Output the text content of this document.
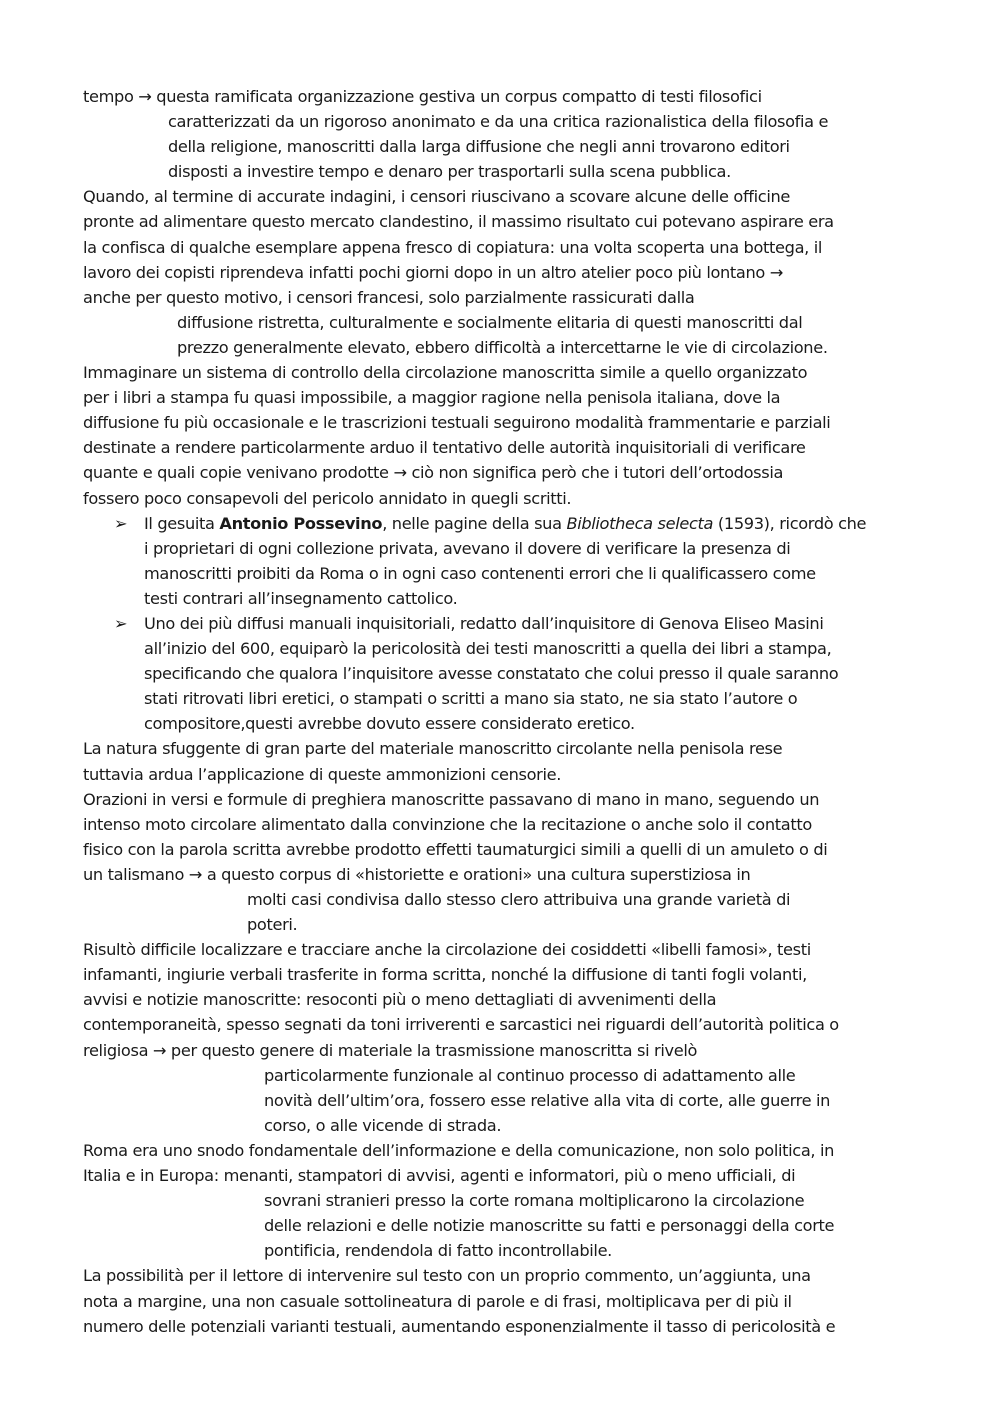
tempo → questa ramificata organizzazione gestiva un corpus compatto di testi filosofici
caratterizzati da un rigoroso anonimato e da una critica razionalistica della filosofia e
della religione, manoscritti dalla larga diffusione che negli anni trovarono editori
disposti a investire tempo e denaro per trasportarli sulla scena pubblica.
Quando, al termine di accurate indagini, i censori riuscivano a scovare alcune delle officine
pronte ad alimentare questo mercato clandestino, il massimo risultato cui potevano aspirare era
la confisca di qualche esemplare appena fresco di copiatura: una volta scoperta una bottega, il
lavoro dei copisti riprendeva infatti pochi giorni dopo in un altro atelier poco più lontano →
anche per questo motivo, i censori francesi, solo parzialmente rassicurati dalla
diffusione ristretta, culturalmente e socialmente elitaria di questi manoscritti dal
prezzo generalmente elevato, ebbero difficoltà a intercettarne le vie di circolazione.
Immaginare un sistema di controllo della circolazione manoscritta simile a quello organizzato
per i libri a stampa fu quasi impossibile, a maggior ragione nella penisola italiana, dove la
diffusione fu più occasionale e le trascrizioni testuali seguirono modalità frammentarie e parziali
destinate a rendere particolarmente arduo il tentativo delle autorità inquisitoriali di verificare
quante e quali copie venivano prodotte → ciò non significa però che i tutori dell’ortodossia
fossero poco consapevoli del pericolo annidato in quegli scritti.
➢ Il gesuita Antonio Possevino, nelle pagine della sua Bibliotheca selecta (1593), ricordò che
i proprietari di ogni collezione privata, avevano il dovere di verificare la presenza di
manoscritti proibiti da Roma o in ogni caso contenenti errori che li qualificassero come
testi contrari all’insegnamento cattolico.
➢ Uno dei più diffusi manuali inquisitoriali, redatto dall’inquisitore di Genova Eliseo Masini
all’inizio del 600, equiparò la pericolosità dei testi manoscritti a quella dei libri a stampa,
specificando che qualora l’inquisitore avesse constatato che colui presso il quale saranno
stati ritrovati libri eretici, o stampati o scritti a mano sia stato, ne sia stato l’autore o
compositore,questi avrebbe dovuto essere considerato eretico.
La natura sfuggente di gran parte del materiale manoscritto circolante nella penisola rese
tuttavia ardua l’applicazione di queste ammonizioni censorie.
Orazioni in versi e formule di preghiera manoscritte passavano di mano in mano, seguendo un
intenso moto circolare alimentato dalla convinzione che la recitazione o anche solo il contatto
fisico con la parola scritta avrebbe prodotto effetti taumaturgici simili a quelli di un amuleto o di
un talismano → a questo corpus di «historiette e orationi» una cultura superstiziosa in
molti casi condivisa dallo stesso clero attribuiva una grande varietà di
poteri.
Risultò difficile localizzare e tracciare anche la circolazione dei cosiddetti «libelli famosi», testi
infamanti, ingiurie verbali trasferite in forma scritta, nonché la diffusione di tanti fogli volanti,
avvisi e notizie manoscritte: resoconti più o meno dettagliati di avvenimenti della
contemporaneità, spesso segnati da toni irriverenti e sarcastici nei riguardi dell’autorità politica o
religiosa → per questo genere di materiale la trasmissione manoscritta si rivelò
particolarmente funzionale al continuo processo di adattamento alle
novità dell’ultim’ora, fossero esse relative alla vita di corte, alle guerre in
corso, o alle vicende di strada.
Roma era uno snodo fondamentale dell’informazione e della comunicazione, non solo politica, in
Italia e in Europa: menanti, stampatori di avvisi, agenti e informatori, più o meno ufficiali, di
sovrani stranieri presso la corte romana moltiplicarono la circolazione
delle relazioni e delle notizie manoscritte su fatti e personaggi della corte
pontificia, rendendola di fatto incontrollabile.
La possibilità per il lettore di intervenire sul testo con un proprio commento, un’aggiunta, una
nota a margine, una non casuale sottolineatura di parole e di frasi, moltiplicava per di più il
numero delle potenziali varianti testuali, aumentando esponenzialmente il tasso di pericolosità e
